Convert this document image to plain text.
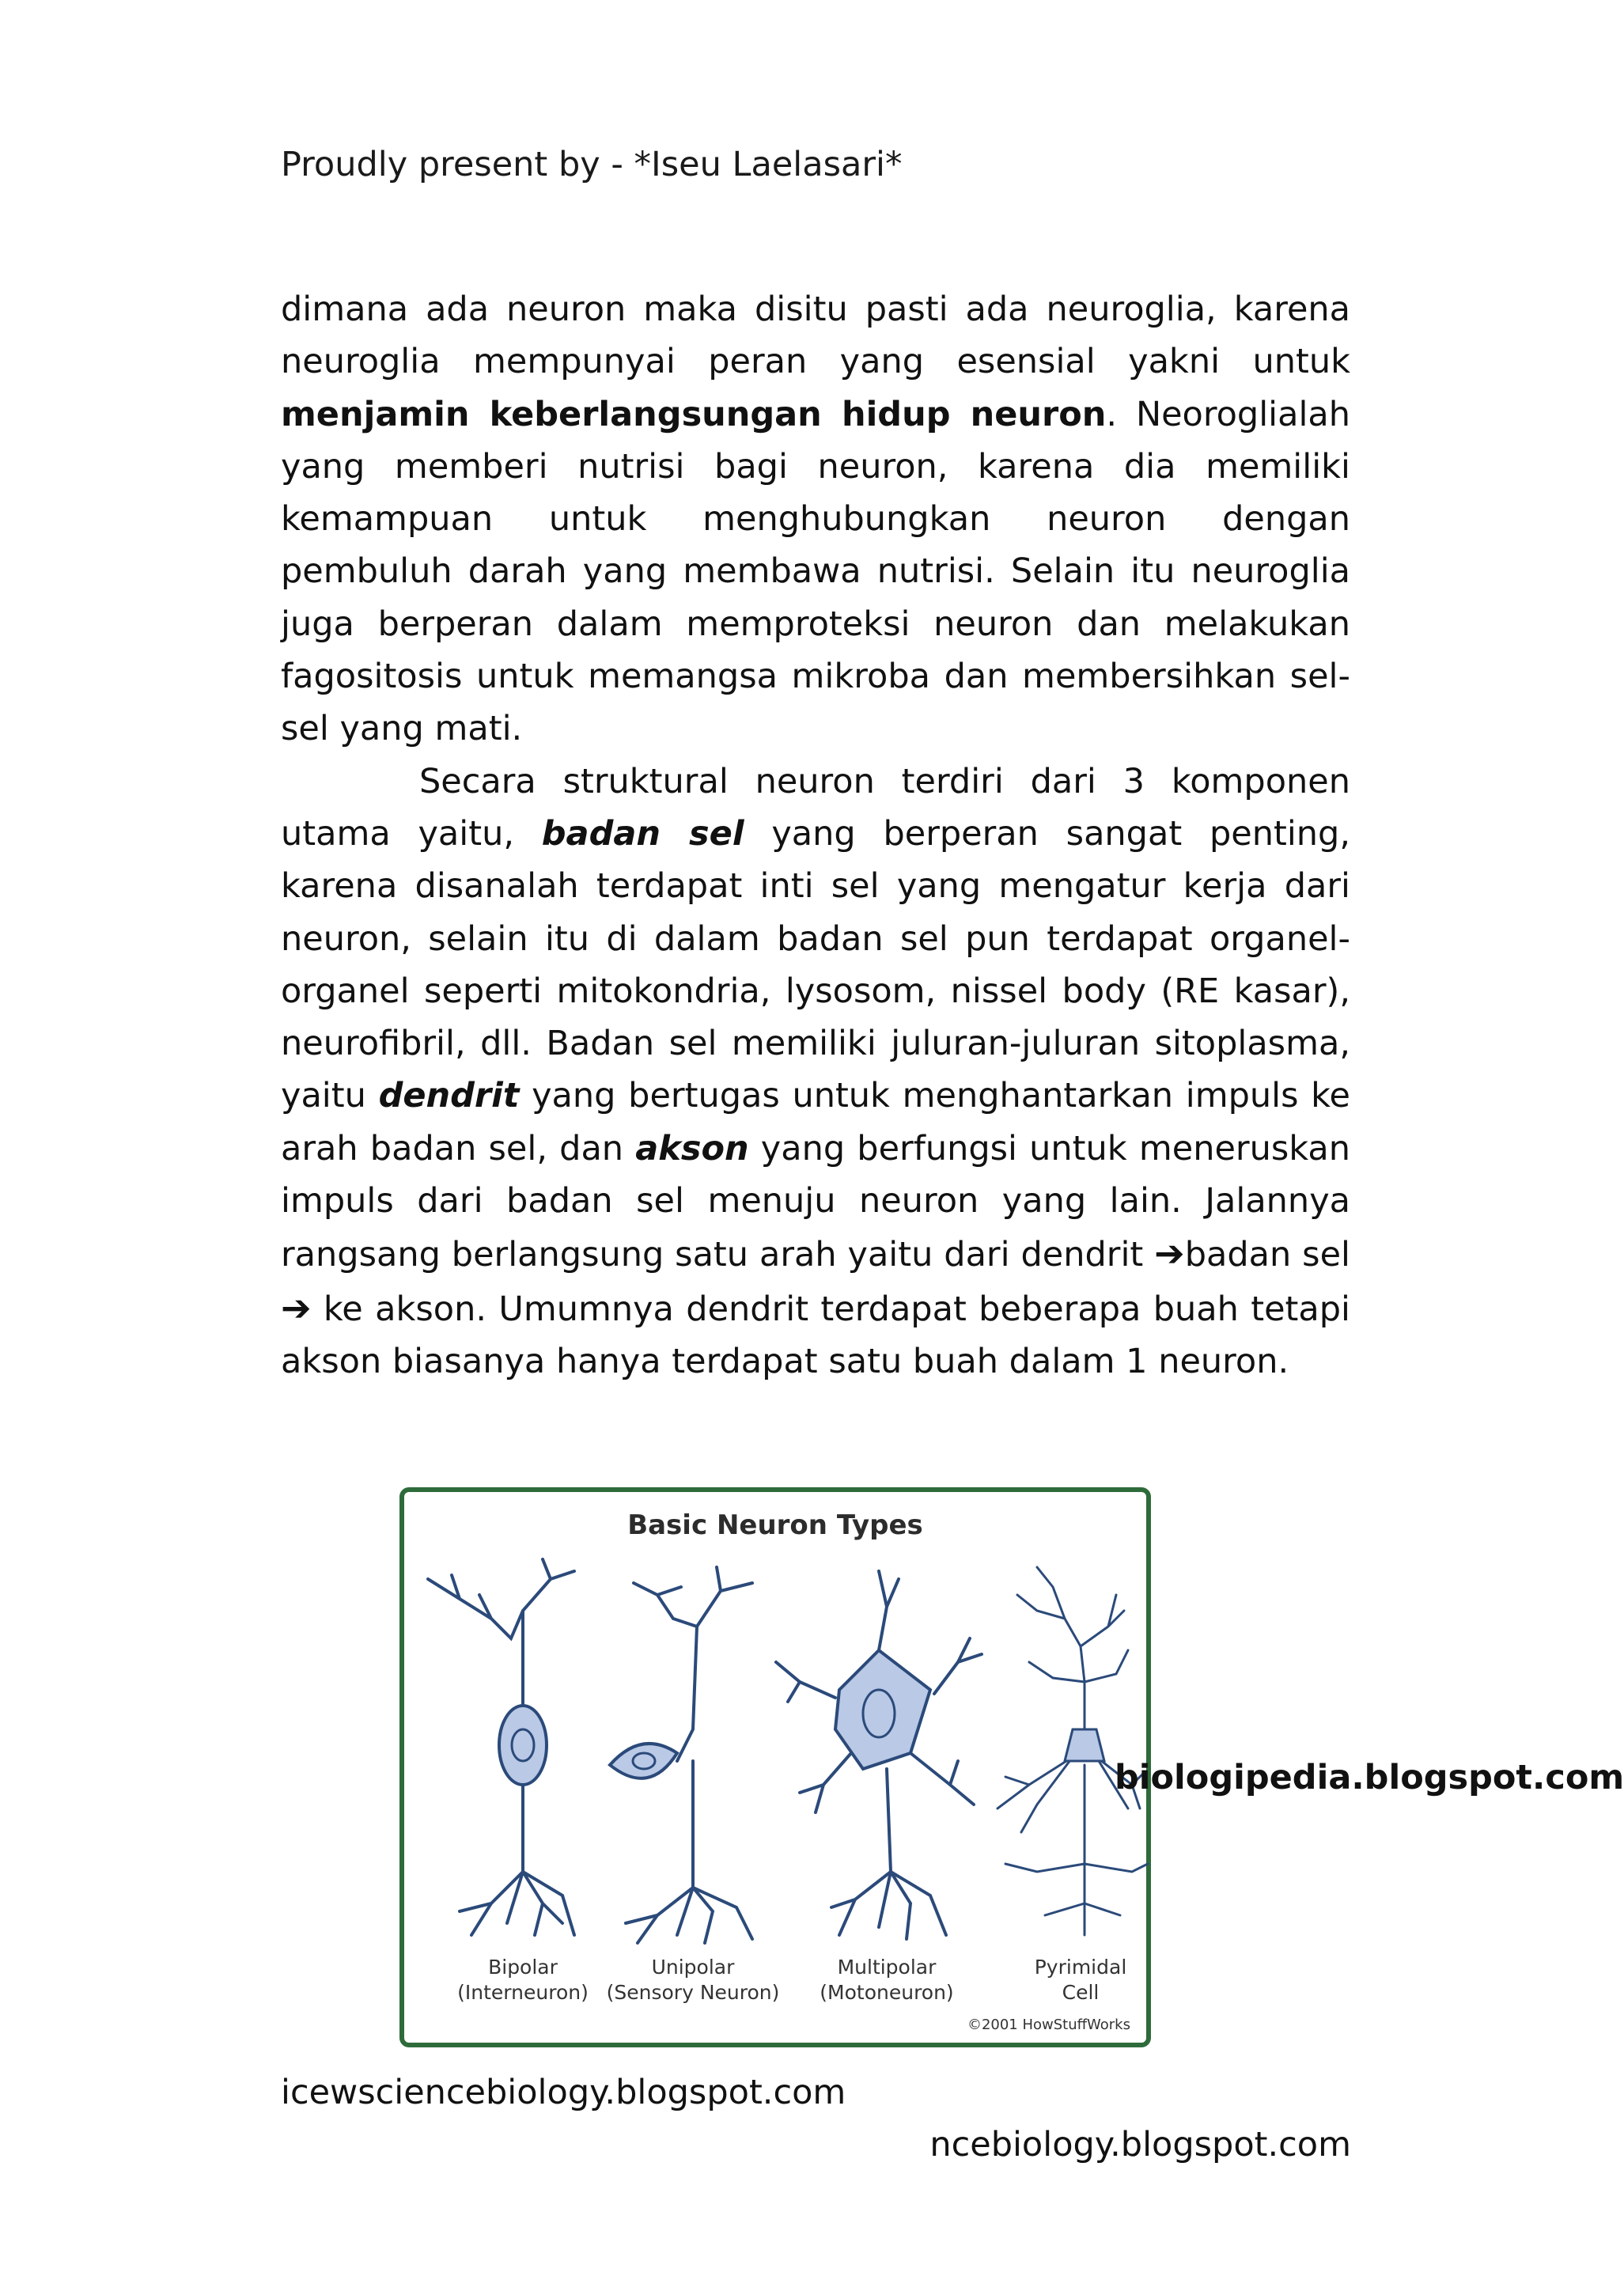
Proudly present by - *Iseu Laelasari*

dimana ada neuron maka disitu pasti ada neuroglia, karena neuroglia mempunyai peran yang esensial yakni untuk menjamin keberlangsungan hidup neuron. Neoroglialah yang memberi nutrisi bagi neuron, karena dia memiliki kemampuan untuk menghubungkan neuron dengan pembuluh darah yang membawa nutrisi. Selain itu neuroglia juga berperan dalam memproteksi neuron dan melakukan fagositosis untuk memangsa mikroba dan membersihkan sel-sel yang mati.

Secara struktural neuron terdiri dari 3 komponen utama yaitu, badan sel yang berperan sangat penting, karena disanalah terdapat inti sel yang mengatur kerja dari neuron, selain itu di dalam badan sel pun terdapat organel-organel seperti mitokondria, lysosom, nissel body (RE kasar), neurofibril, dll. Badan sel memiliki juluran-juluran sitoplasma, yaitu dendrit yang bertugas untuk menghantarkan impuls ke arah badan sel, dan akson yang berfungsi untuk meneruskan impuls dari badan sel menuju neuron yang lain. Jalannya rangsang berlangsung satu arah yaitu dari dendrit ➔badan sel ➔ ke akson. Umumnya dendrit terdapat beberapa buah tetapi akson biasanya hanya terdapat satu buah dalam 1 neuron.

Basic Neuron Types
Bipolar
(Interneuron)
Unipolar
(Sensory Neuron)
Multipolar
(Motoneuron)
Pyrimidal
Cell
©2001 HowStuffWorks
biologipedia.blogspot.com
icewsciencebiology.blogspot.com
ncebiology.blogspot.com
